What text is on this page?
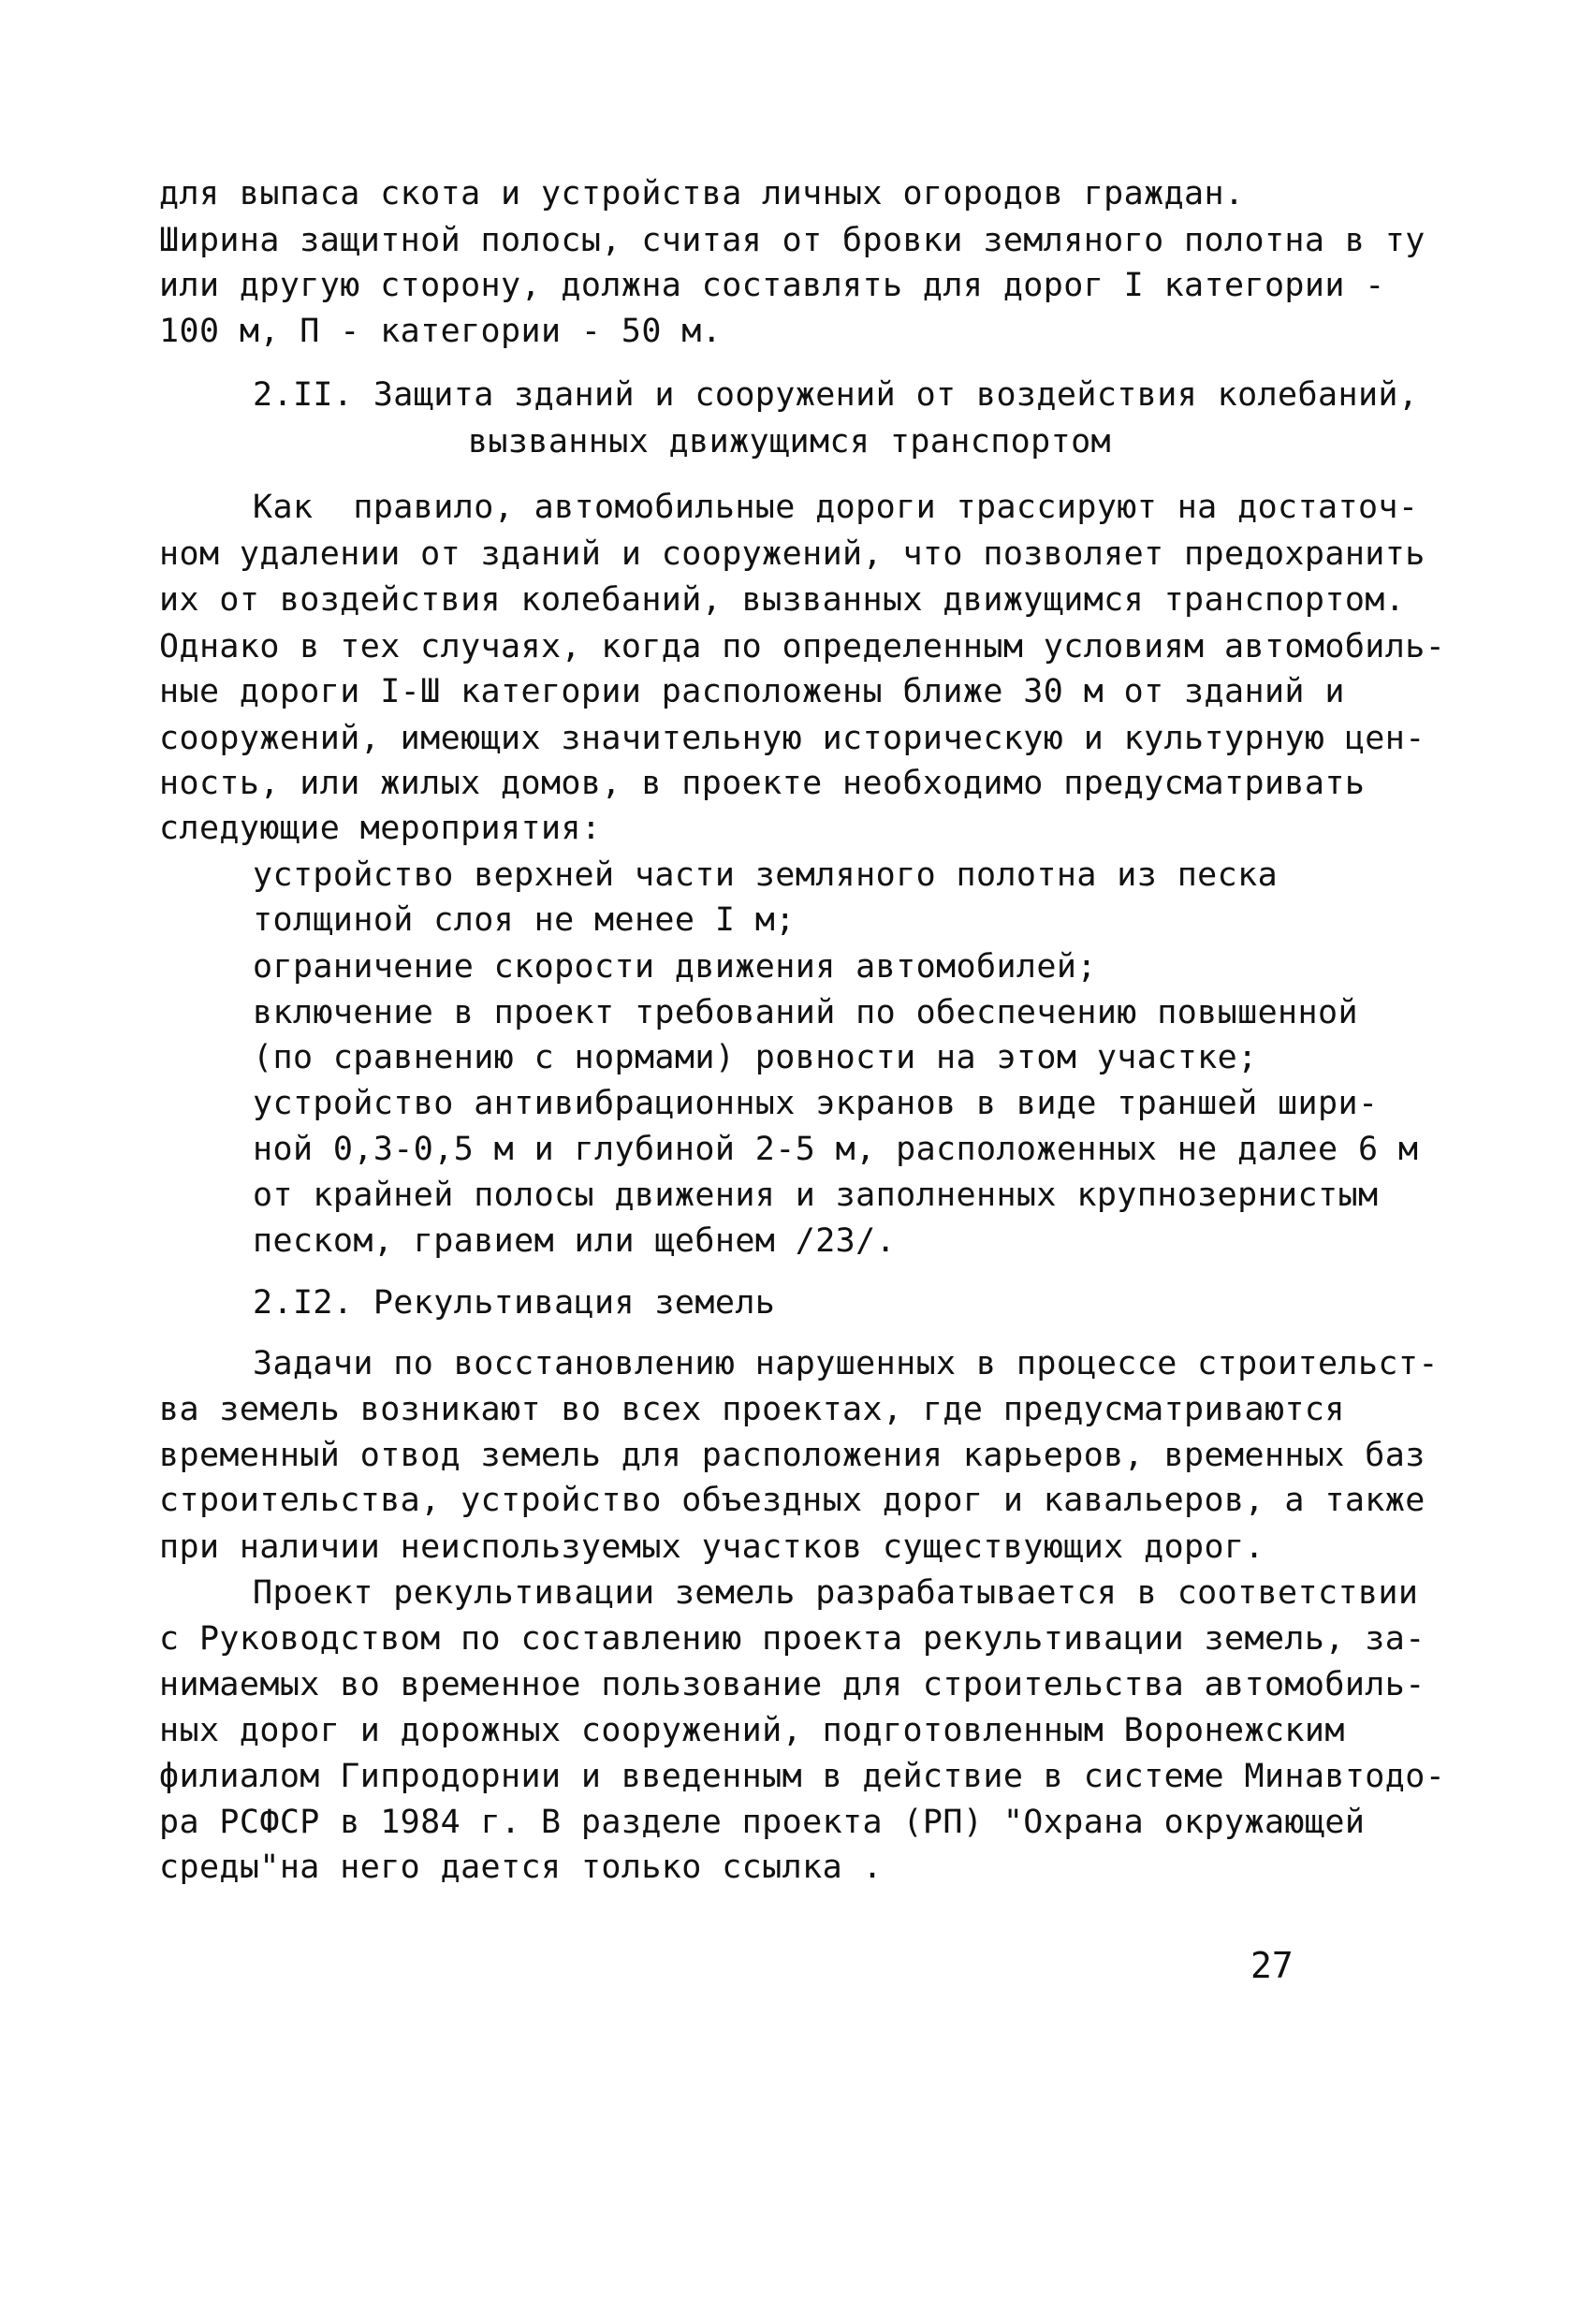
для выпаса скота и устройства личных огородов граждан.
Ширина защитной полосы, считая от бровки земляного полотна в ту
или другую сторону, должна составлять для дорог I категории -
100 м, П - категории - 50 м.
2.II. Защита зданий и сооружений от воздействия колебаний,
вызванных движущимся транспортом
Как  правило, автомобильные дороги трассируют на достаточ-
ном удалении от зданий и сооружений, что позволяет предохранить
их от воздействия колебаний, вызванных движущимся транспортом.
Однако в тех случаях, когда по определенным условиям автомобиль-
ные дороги I-Ш категории расположены ближе 30 м от зданий и
сооружений, имеющих значительную историческую и культурную цен-
ность, или жилых домов, в проекте необходимо предусматривать
следующие мероприятия:
устройство верхней части земляного полотна из песка
толщиной слоя не менее I м;
ограничение скорости движения автомобилей;
включение в проект требований по обеспечению повышенной
(по сравнению с нормами) ровности на этом участке;
устройство антивибрационных экранов в виде траншей шири-
ной 0,3-0,5 м и глубиной 2-5 м, расположенных не далее 6 м
от крайней полосы движения и заполненных крупнозернистым
песком, гравием или щебнем /23/.
2.I2. Рекультивация земель
Задачи по восстановлению нарушенных в процессе строительст-
ва земель возникают во всех проектах, где предусматриваются
временный отвод земель для расположения карьеров, временных баз
строительства, устройство объездных дорог и кавальеров, а также
при наличии неиспользуемых участков существующих дорог.
Проект рекультивации земель разрабатывается в соответствии
с Руководством по составлению проекта рекультивации земель, за-
нимаемых во временное пользование для строительства автомобиль-
ных дорог и дорожных сооружений, подготовленным Воронежским
филиалом Гипродорнии и введенным в действие в системе Минавтодо-
ра РСФСР в 1984 г. В разделе проекта (РП) "Охрана окружающей
среды"на него дается только ссылка .
27
